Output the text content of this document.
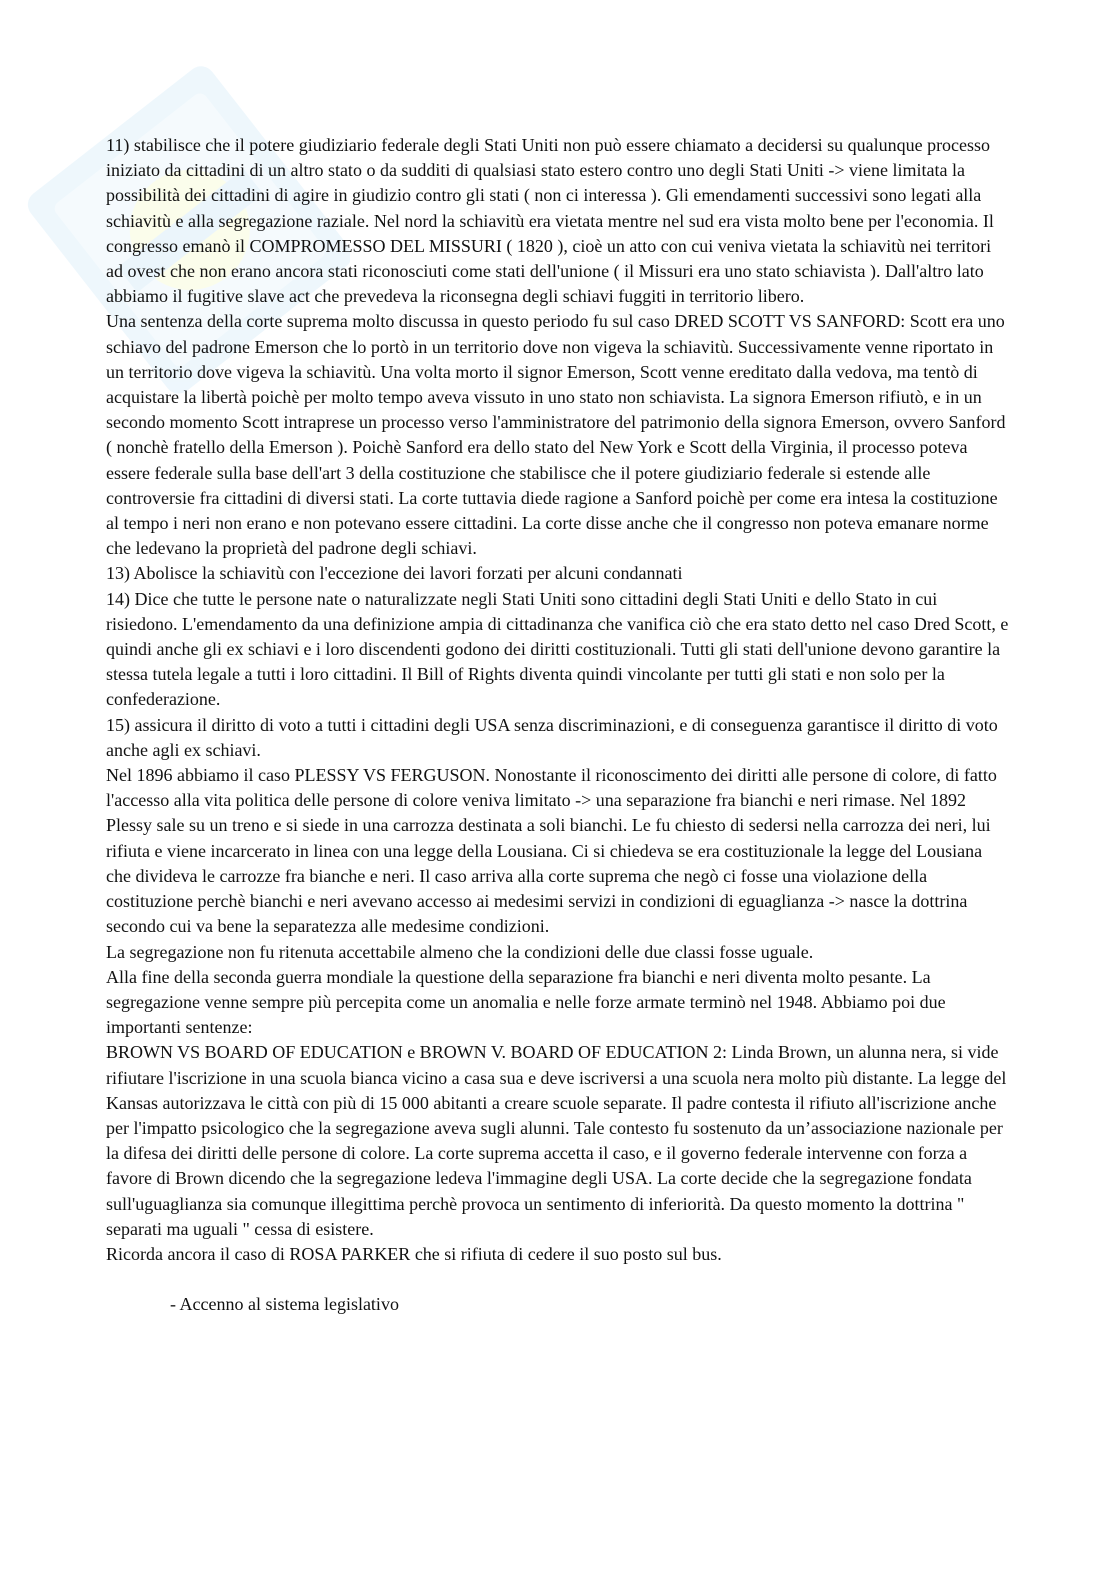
11) stabilisce che il potere giudiziario federale degli Stati Uniti non può essere chiamato a decidersi su qualunque processo iniziato da cittadini di un altro stato o da sudditi di qualsiasi stato estero contro uno degli Stati Uniti -> viene limitata la possibilità dei cittadini di agire in giudizio contro gli stati ( non ci interessa ). Gli emendamenti successivi sono legati alla schiavitù e alla segregazione raziale. Nel nord la schiavitù era vietata mentre nel sud era vista molto bene per l'economia. Il congresso emanò il COMPROMESSO DEL MISSURI ( 1820 ), cioè un atto con cui veniva vietata la schiavitù nei territori ad ovest che non erano ancora stati riconosciuti come stati dell'unione ( il Missuri era uno stato schiavista ). Dall'altro lato abbiamo il fugitive slave act che prevedeva la riconsegna degli schiavi fuggiti in territorio libero.

Una sentenza della corte suprema molto discussa in questo periodo fu sul caso DRED SCOTT VS SANFORD: Scott era uno schiavo del padrone Emerson che lo portò in un territorio dove non vigeva la schiavitù. Successivamente venne riportato in un territorio dove vigeva la schiavitù. Una volta morto il signor Emerson, Scott venne ereditato dalla vedova, ma tentò di acquistare la libertà poichè per molto tempo aveva vissuto in uno stato non schiavista. La signora Emerson rifiutò, e in un secondo momento Scott intraprese un processo verso l'amministratore del patrimonio della signora Emerson, ovvero Sanford ( nonchè fratello della Emerson ). Poichè Sanford era dello stato del New York e Scott della Virginia, il processo poteva essere federale sulla base dell'art 3 della costituzione che stabilisce che il potere giudiziario federale si estende alle controversie fra cittadini di diversi stati. La corte tuttavia diede ragione a Sanford poichè per come era intesa la costituzione al tempo i neri non erano e non potevano essere cittadini. La corte disse anche che il congresso non poteva emanare norme che ledevano la proprietà del padrone degli schiavi.

13) Abolisce la schiavitù con l'eccezione dei lavori forzati per alcuni condannati

14) Dice che tutte le persone nate o naturalizzate negli Stati Uniti sono cittadini degli Stati Uniti e dello Stato in cui risiedono. L'emendamento da una definizione ampia di cittadinanza che vanifica ciò che era stato detto nel caso Dred Scott, e quindi anche gli ex schiavi e i loro discendenti godono dei diritti costituzionali. Tutti gli stati dell'unione devono garantire la stessa tutela legale a tutti i loro cittadini. Il Bill of Rights diventa quindi vincolante per tutti gli stati e non solo per la confederazione.

15) assicura il diritto di voto a tutti i cittadini degli USA senza discriminazioni, e di conseguenza garantisce il diritto di voto anche agli ex schiavi.

Nel 1896 abbiamo il caso PLESSY VS FERGUSON. Nonostante il riconoscimento dei diritti alle persone di colore, di fatto l'accesso alla vita politica delle persone di colore veniva limitato -> una separazione fra bianchi e neri rimase. Nel 1892 Plessy sale su un treno e si siede in una carrozza destinata a soli bianchi. Le fu chiesto di sedersi nella carrozza dei neri, lui rifiuta e viene incarcerato in linea con una legge della Lousiana. Ci si chiedeva se era costituzionale la legge del Lousiana che divideva le carrozze fra bianche e neri. Il caso arriva alla corte suprema che negò ci fosse una violazione della costituzione perchè bianchi e neri avevano accesso ai medesimi servizi in condizioni di eguaglianza -> nasce la dottrina secondo cui va bene la separatezza alle medesime condizioni.

La segregazione non fu ritenuta accettabile almeno che la condizioni delle due classi fosse uguale.

Alla fine della seconda guerra mondiale la questione della separazione fra bianchi e neri diventa molto pesante. La segregazione venne sempre più percepita come un anomalia e nelle forze armate terminò nel 1948. Abbiamo poi due importanti sentenze:

BROWN VS BOARD OF EDUCATION e BROWN V. BOARD OF EDUCATION 2: Linda Brown, un alunna nera, si vide rifiutare l'iscrizione in una scuola bianca vicino a casa sua e deve iscriversi a una scuola nera molto più distante. La legge del Kansas autorizzava le città con più di 15 000 abitanti a creare scuole separate. Il padre contesta il rifiuto all'iscrizione anche per l'impatto psicologico che la segregazione aveva sugli alunni. Tale contesto fu sostenuto da un’associazione nazionale per la difesa dei diritti delle persone di colore. La corte suprema accetta il caso, e il governo federale intervenne con forza a favore di Brown dicendo che la segregazione ledeva l'immagine degli USA. La corte decide che la segregazione fondata sull'uguaglianza sia comunque illegittima perchè provoca un sentimento di inferiorità. Da questo momento la dottrina " separati ma uguali " cessa di esistere.

Ricorda ancora il caso di ROSA PARKER che si rifiuta di cedere il suo posto sul bus.

- Accenno al sistema legislativo
